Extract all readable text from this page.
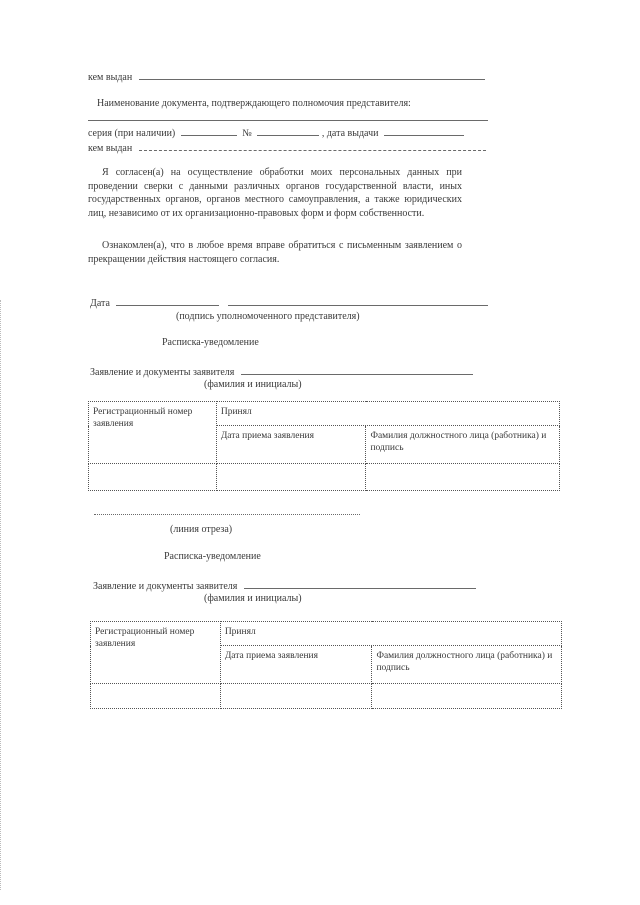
кем выдан
Наименование документа, подтверждающего полномочия представителя:
серия (при наличии)	№	, дата выдачи
кем выдан
Я согласен(а) на осуществление обработки моих персональных данных при проведении сверки с данными различных органов государственной власти, иных государственных органов, органов местного самоуправления, а также юридических лиц, независимо от их организационно-правовых форм и форм собственности.
Ознакомлен(а), что в любое время вправе обратиться с письменным заявлением о прекращении действия настоящего согласия.
Дата
(подпись уполномоченного представителя)
Расписка-уведомление
Заявление и документы заявителя
(фамилия и инициалы)
Регистрационный номер заявления	Принял	
	Дата приема заявления	Фамилия должностного лица (работника) и подпись

(линия отреза)
Расписка-уведомление
Заявление и документы заявителя
(фамилия и инициалы)
Регистрационный номер заявления	Принял	
	Дата приема заявления	Фамилия должностного лица (работника) и подпись
